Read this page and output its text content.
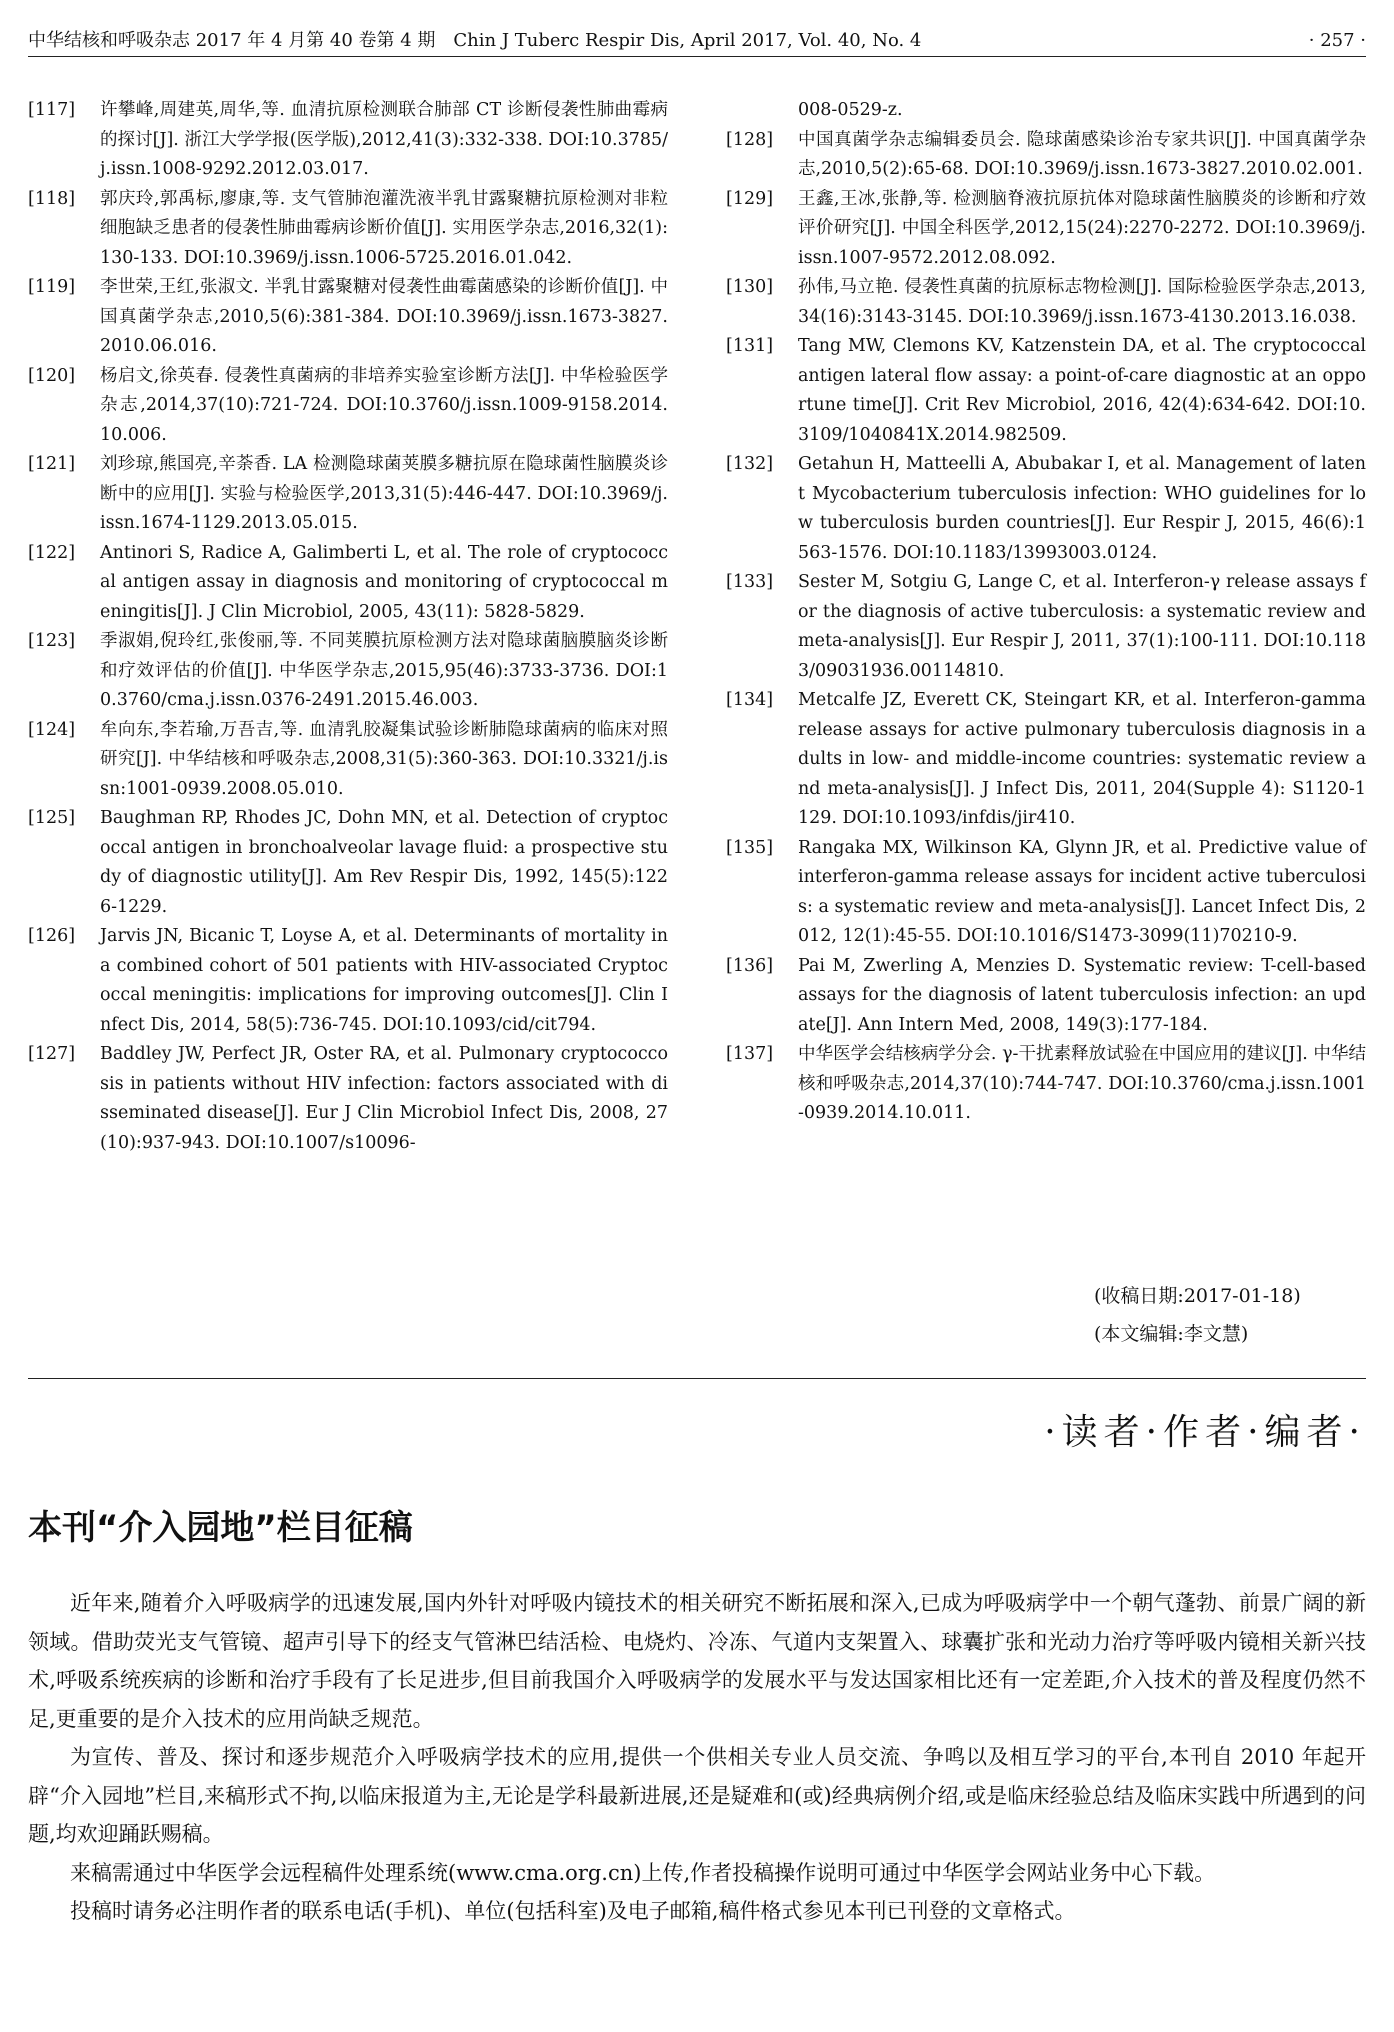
中华结核和呼吸杂志 2017 年 4 月第 40 卷第 4 期　Chin J Tuberc Respir Dis, April 2017, Vol. 40, No. 4	· 257 ·
[117] 许攀峰,周建英,周华,等. 血清抗原检测联合肺部 CT 诊断侵袭性肺曲霉病的探讨[J]. 浙江大学学报(医学版),2012,41(3):332-338. DOI:10.3785/j.issn.1008-9292.2012.03.017.
[118] 郭庆玲,郭禹标,廖康,等. 支气管肺泡灌洗液半乳甘露聚糖抗原检测对非粒细胞缺乏患者的侵袭性肺曲霉病诊断价值[J]. 实用医学杂志,2016,32(1):130-133. DOI:10.3969/j.issn.1006-5725.2016.01.042.
[119] 李世荣,王红,张淑文. 半乳甘露聚糖对侵袭性曲霉菌感染的诊断价值[J]. 中国真菌学杂志,2010,5(6):381-384. DOI:10.3969/j.issn.1673-3827.2010.06.016.
[120] 杨启文,徐英春. 侵袭性真菌病的非培养实验室诊断方法[J]. 中华检验医学杂志,2014,37(10):721-724. DOI:10.3760/j.issn.1009-9158.2014.10.006.
[121] 刘珍琼,熊国亮,辛荼香. LA 检测隐球菌荚膜多糖抗原在隐球菌性脑膜炎诊断中的应用[J]. 实验与检验医学,2013,31(5):446-447. DOI:10.3969/j.issn.1674-1129.2013.05.015.
[122] Antinori S, Radice A, Galimberti L, et al. The role of cryptococcal antigen assay in diagnosis and monitoring of cryptococcal meningitis[J]. J Clin Microbiol, 2005, 43(11): 5828-5829.
[123] 季淑娟,倪玲红,张俊丽,等. 不同荚膜抗原检测方法对隐球菌脑膜脑炎诊断和疗效评估的价值[J]. 中华医学杂志,2015,95(46):3733-3736. DOI:10.3760/cma.j.issn.0376-2491.2015.46.003.
[124] 牟向东,李若瑜,万吾吉,等. 血清乳胶凝集试验诊断肺隐球菌病的临床对照研究[J]. 中华结核和呼吸杂志,2008,31(5):360-363. DOI:10.3321/j.issn:1001-0939.2008.05.010.
[125] Baughman RP, Rhodes JC, Dohn MN, et al. Detection of cryptococcal antigen in bronchoalveolar lavage fluid: a prospective study of diagnostic utility[J]. Am Rev Respir Dis, 1992, 145(5):1226-1229.
[126] Jarvis JN, Bicanic T, Loyse A, et al. Determinants of mortality in a combined cohort of 501 patients with HIV-associated Cryptococcal meningitis: implications for improving outcomes[J]. Clin Infect Dis, 2014, 58(5):736-745. DOI:10.1093/cid/cit794.
[127] Baddley JW, Perfect JR, Oster RA, et al. Pulmonary cryptococcosis in patients without HIV infection: factors associated with disseminated disease[J]. Eur J Clin Microbiol Infect Dis, 2008, 27(10):937-943. DOI:10.1007/s10096-
008-0529-z.
[128] 中国真菌学杂志编辑委员会. 隐球菌感染诊治专家共识[J]. 中国真菌学杂志,2010,5(2):65-68. DOI:10.3969/j.issn.1673-3827.2010.02.001.
[129] 王鑫,王冰,张静,等. 检测脑脊液抗原抗体对隐球菌性脑膜炎的诊断和疗效评价研究[J]. 中国全科医学,2012,15(24):2270-2272. DOI:10.3969/j.issn.1007-9572.2012.08.092.
[130] 孙伟,马立艳. 侵袭性真菌的抗原标志物检测[J]. 国际检验医学杂志,2013,34(16):3143-3145. DOI:10.3969/j.issn.1673-4130.2013.16.038.
[131] Tang MW, Clemons KV, Katzenstein DA, et al. The cryptococcal antigen lateral flow assay: a point-of-care diagnostic at an opportune time[J]. Crit Rev Microbiol, 2016, 42(4):634-642. DOI:10.3109/1040841X.2014.982509.
[132] Getahun H, Matteelli A, Abubakar I, et al. Management of latent Mycobacterium tuberculosis infection: WHO guidelines for low tuberculosis burden countries[J]. Eur Respir J, 2015, 46(6):1563-1576. DOI:10.1183/13993003.0124.
[133] Sester M, Sotgiu G, Lange C, et al. Interferon-γ release assays for the diagnosis of active tuberculosis: a systematic review and meta-analysis[J]. Eur Respir J, 2011, 37(1):100-111. DOI:10.1183/09031936.00114810.
[134] Metcalfe JZ, Everett CK, Steingart KR, et al. Interferon-gamma release assays for active pulmonary tuberculosis diagnosis in adults in low- and middle-income countries: systematic review and meta-analysis[J]. J Infect Dis, 2011, 204(Supple 4): S1120-1129. DOI:10.1093/infdis/jir410.
[135] Rangaka MX, Wilkinson KA, Glynn JR, et al. Predictive value of interferon-gamma release assays for incident active tuberculosis: a systematic review and meta-analysis[J]. Lancet Infect Dis, 2012, 12(1):45-55. DOI:10.1016/S1473-3099(11)70210-9.
[136] Pai M, Zwerling A, Menzies D. Systematic review: T-cell-based assays for the diagnosis of latent tuberculosis infection: an update[J]. Ann Intern Med, 2008, 149(3):177-184.
[137] 中华医学会结核病学分会. γ-干扰素释放试验在中国应用的建议[J]. 中华结核和呼吸杂志,2014,37(10):744-747. DOI:10.3760/cma.j.issn.1001-0939.2014.10.011.
(收稿日期:2017-01-18)
(本文编辑:李文慧)
·读者·作者·编者·
本刊“介入园地”栏目征稿

近年来,随着介入呼吸病学的迅速发展,国内外针对呼吸内镜技术的相关研究不断拓展和深入,已成为呼吸病学中一个朝气蓬勃、前景广阔的新领域。借助荧光支气管镜、超声引导下的经支气管淋巴结活检、电烧灼、冷冻、气道内支架置入、球囊扩张和光动力治疗等呼吸内镜相关新兴技术,呼吸系统疾病的诊断和治疗手段有了长足进步,但目前我国介入呼吸病学的发展水平与发达国家相比还有一定差距,介入技术的普及程度仍然不足,更重要的是介入技术的应用尚缺乏规范。

为宣传、普及、探讨和逐步规范介入呼吸病学技术的应用,提供一个供相关专业人员交流、争鸣以及相互学习的平台,本刊自 2010 年起开辟“介入园地”栏目,来稿形式不拘,以临床报道为主,无论是学科最新进展,还是疑难和(或)经典病例介绍,或是临床经验总结及临床实践中所遇到的问题,均欢迎踊跃赐稿。

来稿需通过中华医学会远程稿件处理系统(www.cma.org.cn)上传,作者投稿操作说明可通过中华医学会网站业务中心下载。

投稿时请务必注明作者的联系电话(手机)、单位(包括科室)及电子邮箱,稿件格式参见本刊已刊登的文章格式。
